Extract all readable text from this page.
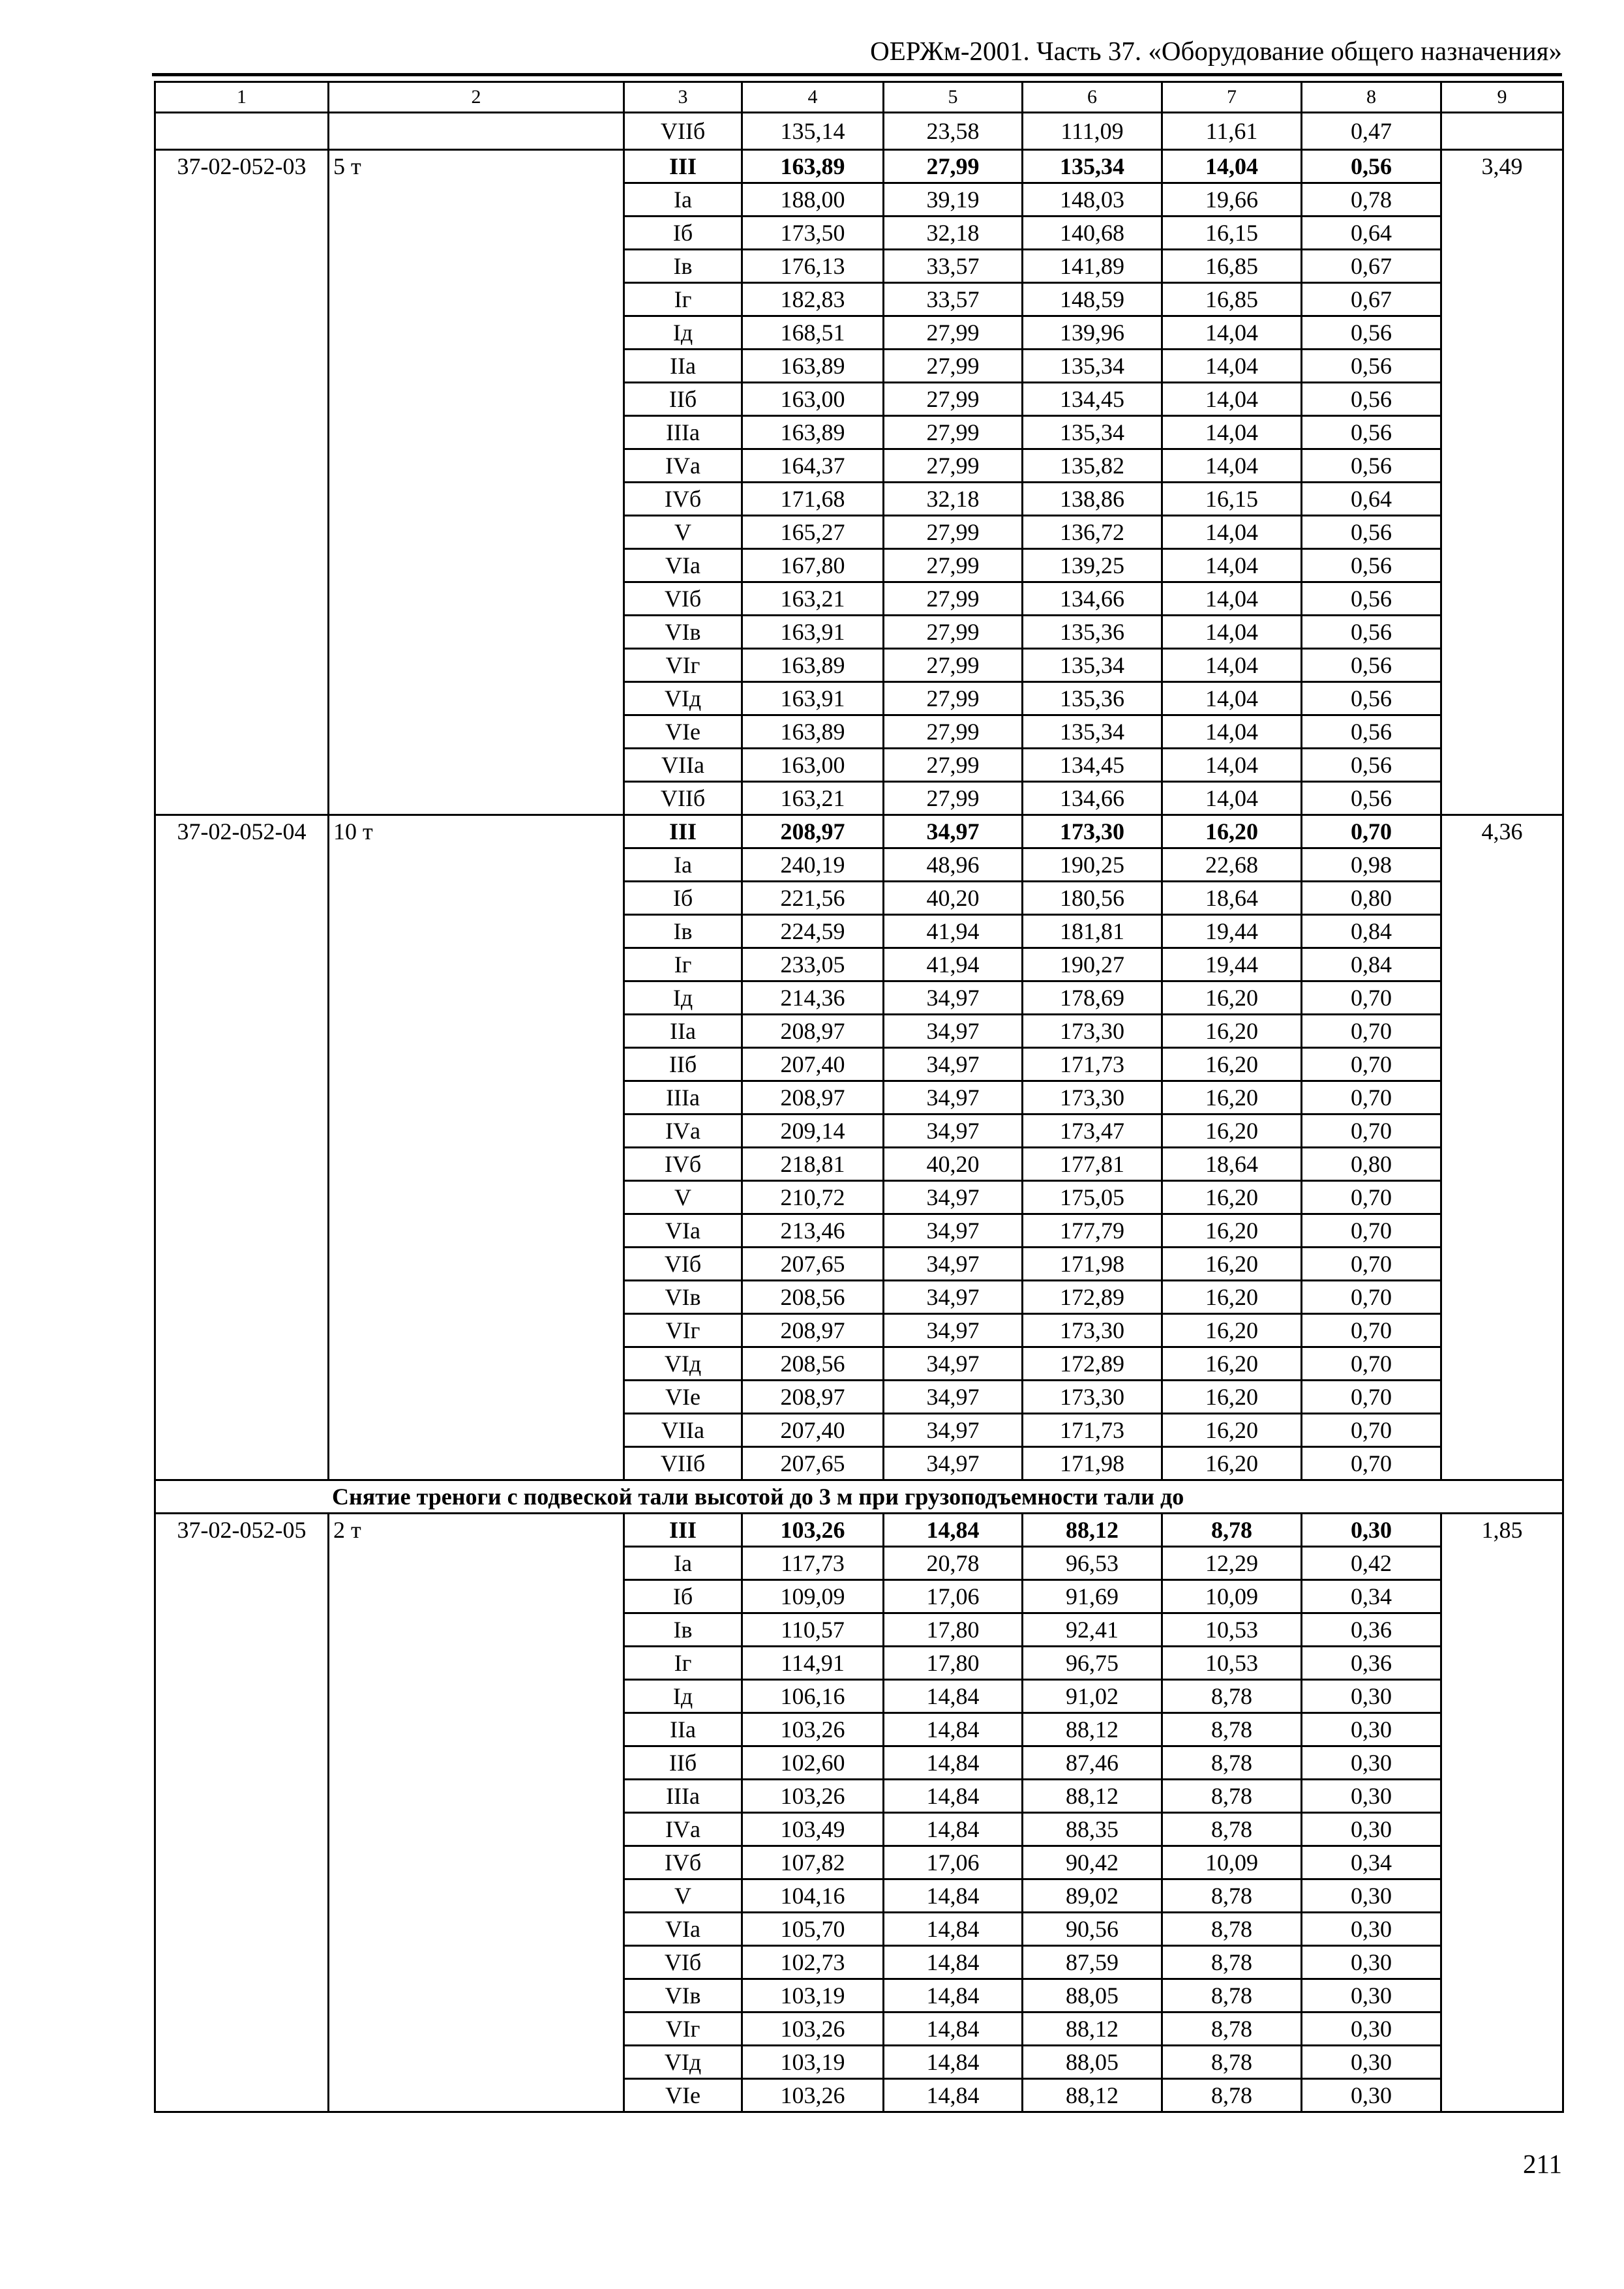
ОЕРЖм-2001. Часть 37. «Оборудование общего назначения»
1	2	3	4	5	6	7	8	9
		VIIб	135,14	23,58	111,09	11,61	0,47	
37-02-052-03	5 т	III	163,89	27,99	135,34	14,04	0,56	3,49
		Iа	188,00	39,19	148,03	19,66	0,78	
		Iб	173,50	32,18	140,68	16,15	0,64	
		Iв	176,13	33,57	141,89	16,85	0,67	
		Iг	182,83	33,57	148,59	16,85	0,67	
		Iд	168,51	27,99	139,96	14,04	0,56	
		IIа	163,89	27,99	135,34	14,04	0,56	
		IIб	163,00	27,99	134,45	14,04	0,56	
		IIIа	163,89	27,99	135,34	14,04	0,56	
		IVа	164,37	27,99	135,82	14,04	0,56	
		IVб	171,68	32,18	138,86	16,15	0,64	
		V	165,27	27,99	136,72	14,04	0,56	
		VIа	167,80	27,99	139,25	14,04	0,56	
		VIб	163,21	27,99	134,66	14,04	0,56	
		VIв	163,91	27,99	135,36	14,04	0,56	
		VIг	163,89	27,99	135,34	14,04	0,56	
		VIд	163,91	27,99	135,36	14,04	0,56	
		VIе	163,89	27,99	135,34	14,04	0,56	
		VIIа	163,00	27,99	134,45	14,04	0,56	
		VIIб	163,21	27,99	134,66	14,04	0,56	
37-02-052-04	10 т	III	208,97	34,97	173,30	16,20	0,70	4,36
		Iа	240,19	48,96	190,25	22,68	0,98	
		Iб	221,56	40,20	180,56	18,64	0,80	
		Iв	224,59	41,94	181,81	19,44	0,84	
		Iг	233,05	41,94	190,27	19,44	0,84	
		Iд	214,36	34,97	178,69	16,20	0,70	
		IIа	208,97	34,97	173,30	16,20	0,70	
		IIб	207,40	34,97	171,73	16,20	0,70	
		IIIа	208,97	34,97	173,30	16,20	0,70	
		IVа	209,14	34,97	173,47	16,20	0,70	
		IVб	218,81	40,20	177,81	18,64	0,80	
		V	210,72	34,97	175,05	16,20	0,70	
		VIа	213,46	34,97	177,79	16,20	0,70	
		VIб	207,65	34,97	171,98	16,20	0,70	
		VIв	208,56	34,97	172,89	16,20	0,70	
		VIг	208,97	34,97	173,30	16,20	0,70	
		VIд	208,56	34,97	172,89	16,20	0,70	
		VIе	208,97	34,97	173,30	16,20	0,70	
		VIIа	207,40	34,97	171,73	16,20	0,70	
		VIIб	207,65	34,97	171,98	16,20	0,70	
Снятие треноги с подвеской тали высотой до 3 м при грузоподъемности тали до								
37-02-052-05	2 т	III	103,26	14,84	88,12	8,78	0,30	1,85
		Iа	117,73	20,78	96,53	12,29	0,42	
		Iб	109,09	17,06	91,69	10,09	0,34	
		Iв	110,57	17,80	92,41	10,53	0,36	
		Iг	114,91	17,80	96,75	10,53	0,36	
		Iд	106,16	14,84	91,02	8,78	0,30	
		IIа	103,26	14,84	88,12	8,78	0,30	
		IIб	102,60	14,84	87,46	8,78	0,30	
		IIIа	103,26	14,84	88,12	8,78	0,30	
		IVа	103,49	14,84	88,35	8,78	0,30	
		IVб	107,82	17,06	90,42	10,09	0,34	
		V	104,16	14,84	89,02	8,78	0,30	
		VIа	105,70	14,84	90,56	8,78	0,30	
		VIб	102,73	14,84	87,59	8,78	0,30	
		VIв	103,19	14,84	88,05	8,78	0,30	
		VIг	103,26	14,84	88,12	8,78	0,30	
		VIд	103,19	14,84	88,05	8,78	0,30	
		VIе	103,26	14,84	88,12	8,78	0,30	
211
